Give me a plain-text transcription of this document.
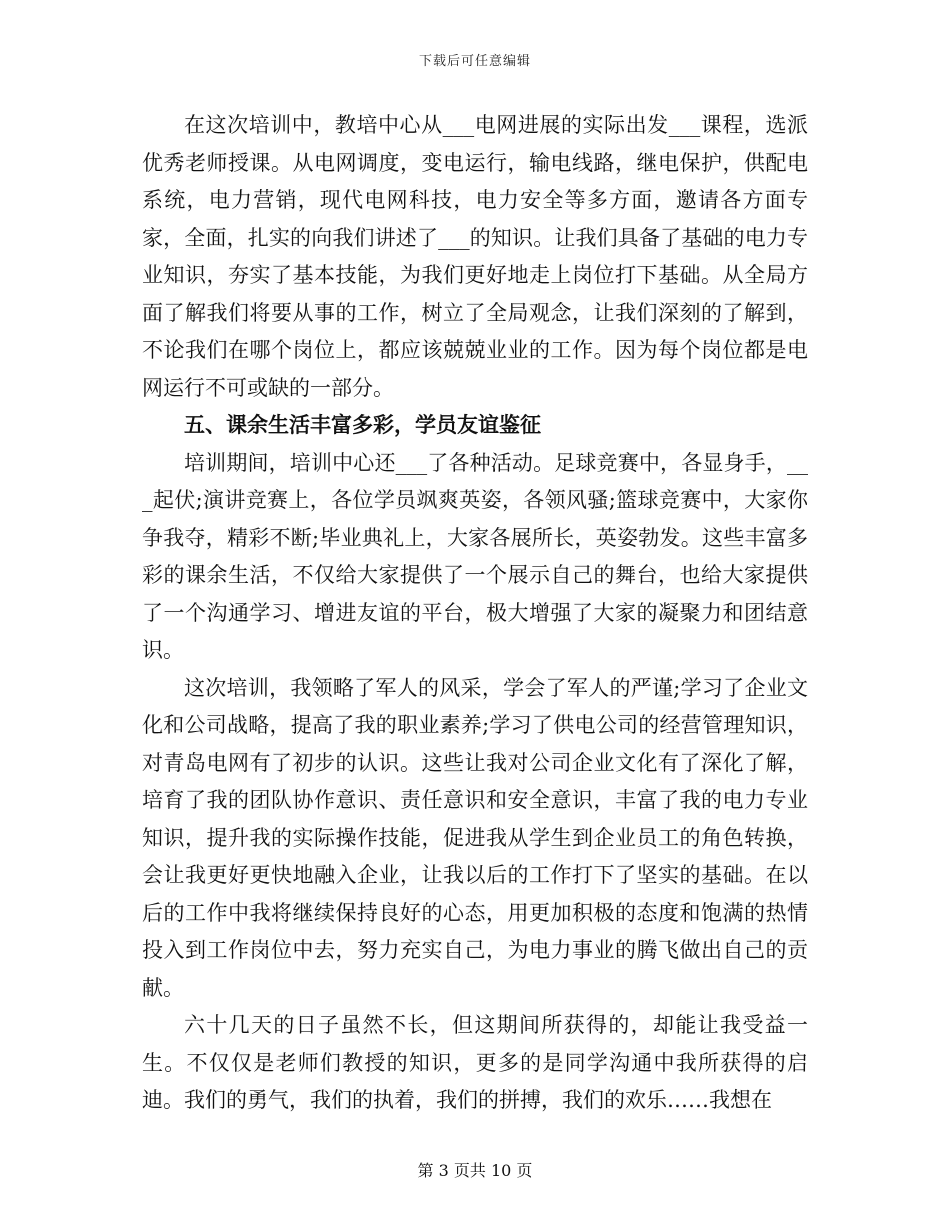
下载后可任意编辑

在这次培训中，教培中心从___电网进展的实际出发___课程，选派优秀老师授课。从电网调度，变电运行，输电线路，继电保护，供配电系统，电力营销，现代电网科技，电力安全等多方面，邀请各方面专家，全面，扎实的向我们讲述了___的知识。让我们具备了基础的电力专业知识，夯实了基本技能，为我们更好地走上岗位打下基础。从全局方面了解我们将要从事的工作，树立了全局观念，让我们深刻的了解到，不论我们在哪个岗位上，都应该兢兢业业的工作。因为每个岗位都是电网运行不可或缺的一部分。

五、课余生活丰富多彩，学员友谊鉴征

培训期间，培训中心还___了各种活动。足球竞赛中，各显身手，___起伏;演讲竞赛上，各位学员飒爽英姿，各领风骚;篮球竞赛中，大家你争我夺，精彩不断;毕业典礼上，大家各展所长，英姿勃发。这些丰富多彩的课余生活，不仅给大家提供了一个展示自己的舞台，也给大家提供了一个沟通学习、增进友谊的平台，极大增强了大家的凝聚力和团结意识。

这次培训，我领略了军人的风采，学会了军人的严谨;学习了企业文化和公司战略，提高了我的职业素养;学习了供电公司的经营管理知识，对青岛电网有了初步的认识。这些让我对公司企业文化有了深化了解，培育了我的团队协作意识、责任意识和安全意识，丰富了我的电力专业知识，提升我的实际操作技能，促进我从学生到企业员工的角色转换，会让我更好更快地融入企业，让我以后的工作打下了坚实的基础。在以后的工作中我将继续保持良好的心态，用更加积极的态度和饱满的热情投入到工作岗位中去，努力充实自己，为电力事业的腾飞做出自己的贡献。

六十几天的日子虽然不长，但这期间所获得的，却能让我受益一生。不仅仅是老师们教授的知识，更多的是同学沟通中我所获得的启迪。我们的勇气，我们的执着，我们的拼搏，我们的欢乐……我想在

第 3 页共 10 页
